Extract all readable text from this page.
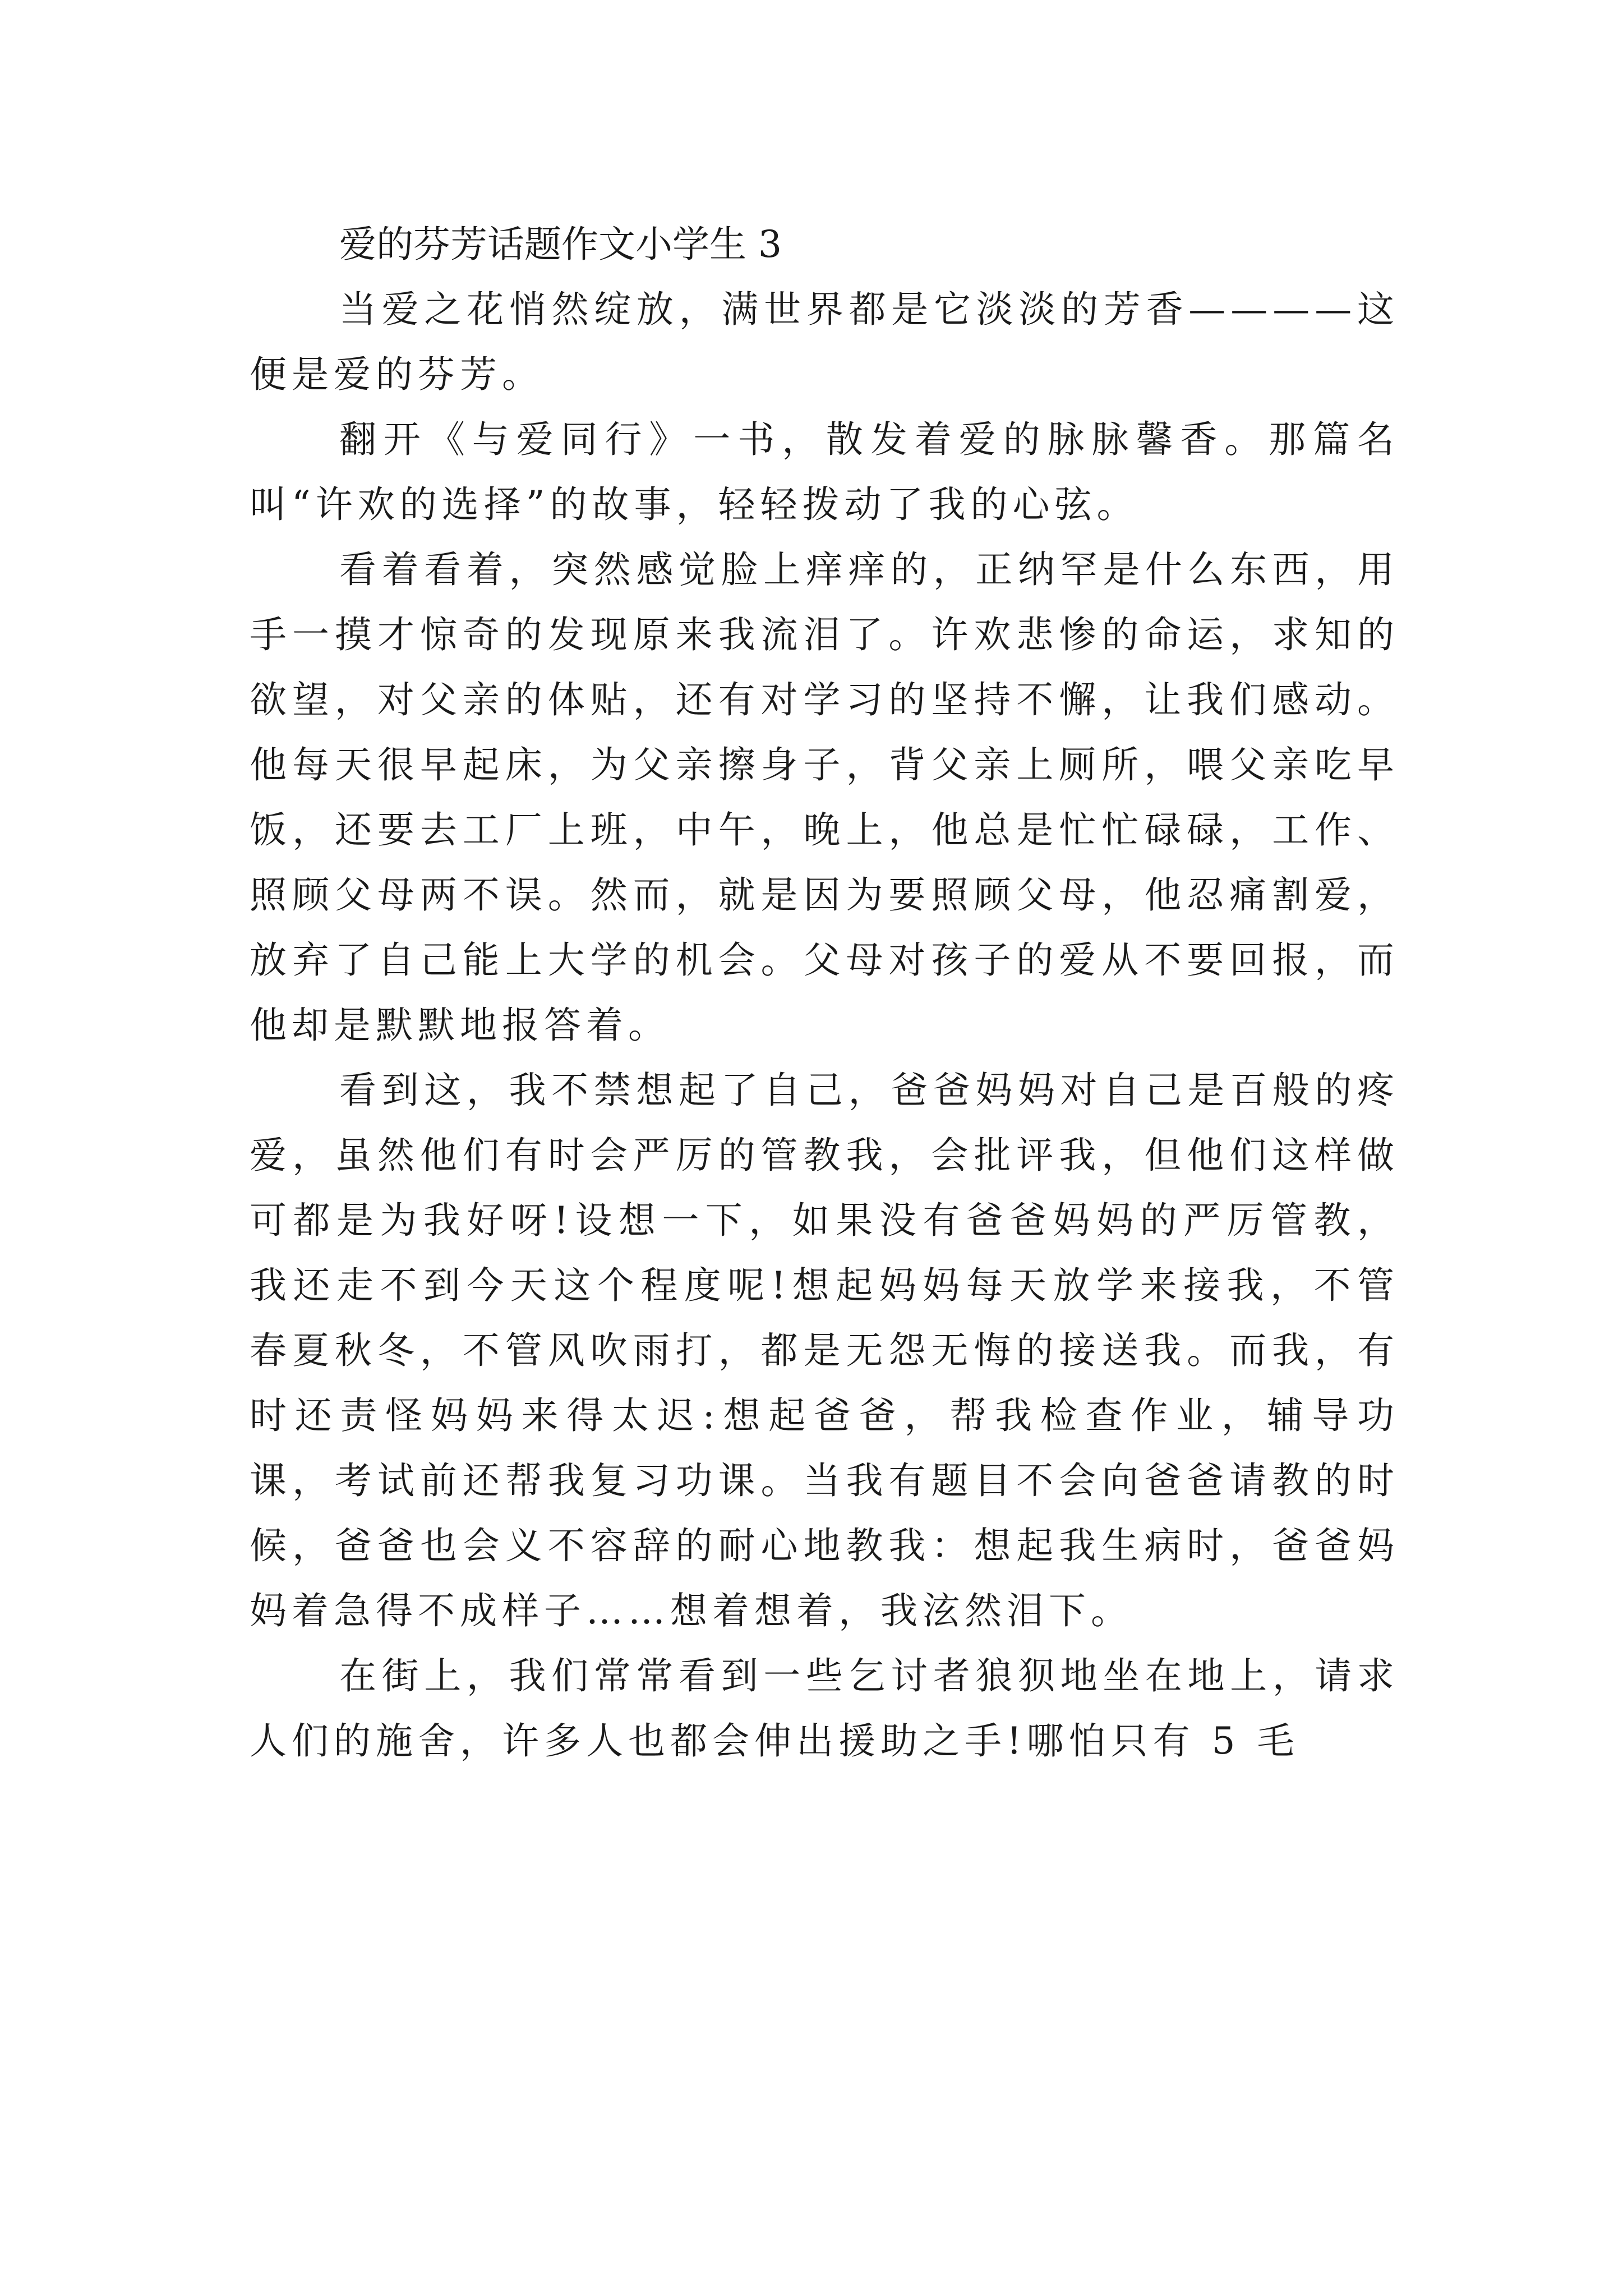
爱的芬芳话题作文小学生 3

当爱之花悄然绽放，满世界都是它淡淡的芳香————这便是爱的芬芳。

翻开《与爱同行》一书，散发着爱的脉脉馨香。那篇名叫“许欢的选择”的故事，轻轻拨动了我的心弦。

看着看着，突然感觉脸上痒痒的，正纳罕是什么东西，用手一摸才惊奇的发现原来我流泪了。许欢悲惨的命运，求知的欲望，对父亲的体贴，还有对学习的坚持不懈，让我们感动。他每天很早起床，为父亲擦身子，背父亲上厕所，喂父亲吃早饭，还要去工厂上班，中午，晚上，他总是忙忙碌碌，工作、照顾父母两不误。然而，就是因为要照顾父母，他忍痛割爱，放弃了自己能上大学的机会。父母对孩子的爱从不要回报，而他却是默默地报答着。

看到这，我不禁想起了自己，爸爸妈妈对自己是百般的疼爱，虽然他们有时会严厉的管教我，会批评我，但他们这样做可都是为我好呀!设想一下，如果没有爸爸妈妈的严厉管教，我还走不到今天这个程度呢!想起妈妈每天放学来接我，不管春夏秋冬，不管风吹雨打，都是无怨无悔的接送我。而我，有时还责怪妈妈来得太迟:想起爸爸，帮我检查作业，辅导功课，考试前还帮我复习功课。当我有题目不会向爸爸请教的时候，爸爸也会义不容辞的耐心地教我：想起我生病时，爸爸妈妈着急得不成样子……想着想着，我泫然泪下。

在街上，我们常常看到一些乞讨者狼狈地坐在地上，请求人们的施舍，许多人也都会伸出援助之手!哪怕只有 5 毛
